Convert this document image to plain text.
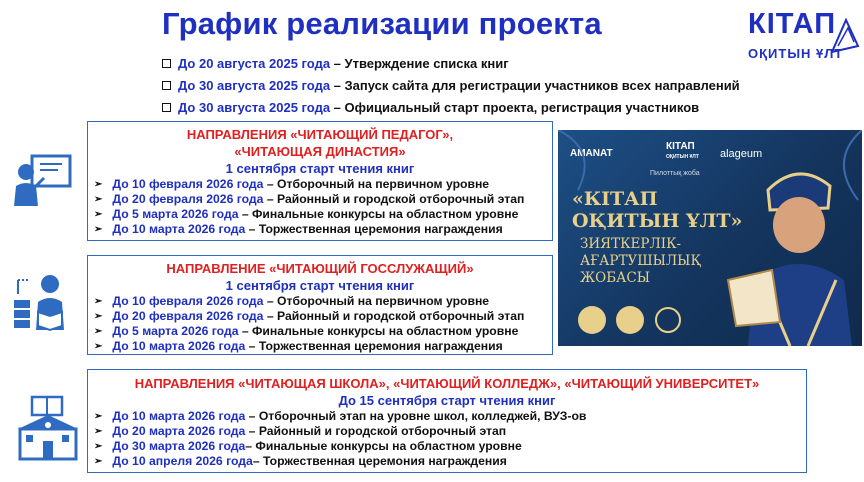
График реализации проекта	КІТАП
ОҚИТЫН ҰЛТ
До 20 августа 2025 года – Утверждение списка книг
До 30 августа 2025 года – Запуск сайта для регистрации участников всех направлений
До 30 августа 2025 года – Официальный старт проекта, регистрация участников
НАПРАВЛЕНИЯ «ЧИТАЮЩИЙ ПЕДАГОГ»,
«ЧИТАЮЩАЯ ДИНАСТИЯ»
1 сентября старт чтения книг
➢ До 10 февраля 2026 года – Отборочный на первичном уровне
➢ До 20 февраля 2026 года – Районный и городской отборочный этап
➢ До 5 марта 2026 года – Финальные конкурсы на областном уровне
➢ До 10 марта 2026 года – Торжественная церемония награждения
НАПРАВЛЕНИЕ «ЧИТАЮЩИЙ ГОССЛУЖАЩИЙ»
1 сентября старт чтения книг
➢ До 10 февраля 2026 года – Отборочный на первичном уровне
➢ До 20 февраля 2026 года – Районный и городской отборочный этап
➢ До 5 марта 2026 года – Финальные конкурсы на областном уровне
➢ До 10 марта 2026 года – Торжественная церемония награждения
НАПРАВЛЕНИЯ «ЧИТАЮЩАЯ ШКОЛА», «ЧИТАЮЩИЙ КОЛЛЕДЖ», «ЧИТАЮЩИЙ УНИВЕРСИТЕТ»
До 15 сентября старт чтения книг
➢ До 10 марта 2026 года – Отборочный этап на уровне школ, колледжей, ВУЗ-ов
➢ До 20 марта 2026 года – Районный и городской отборочный этап
➢ До 30 марта 2026 года – Финальные конкурсы на областном уровне
➢ До 10 апреля 2026 года – Торжественная церемония награждения
AMANAT
КІТАП
ОҚИТЫН ҰЛТ alageum
Пилоттық жоба
«КІТАП
ОҚИТЫН ҰЛТ»
ЗИЯТКЕРЛІК-
АҒАРТУШЫЛЫҚ
ЖОБАСЫ
